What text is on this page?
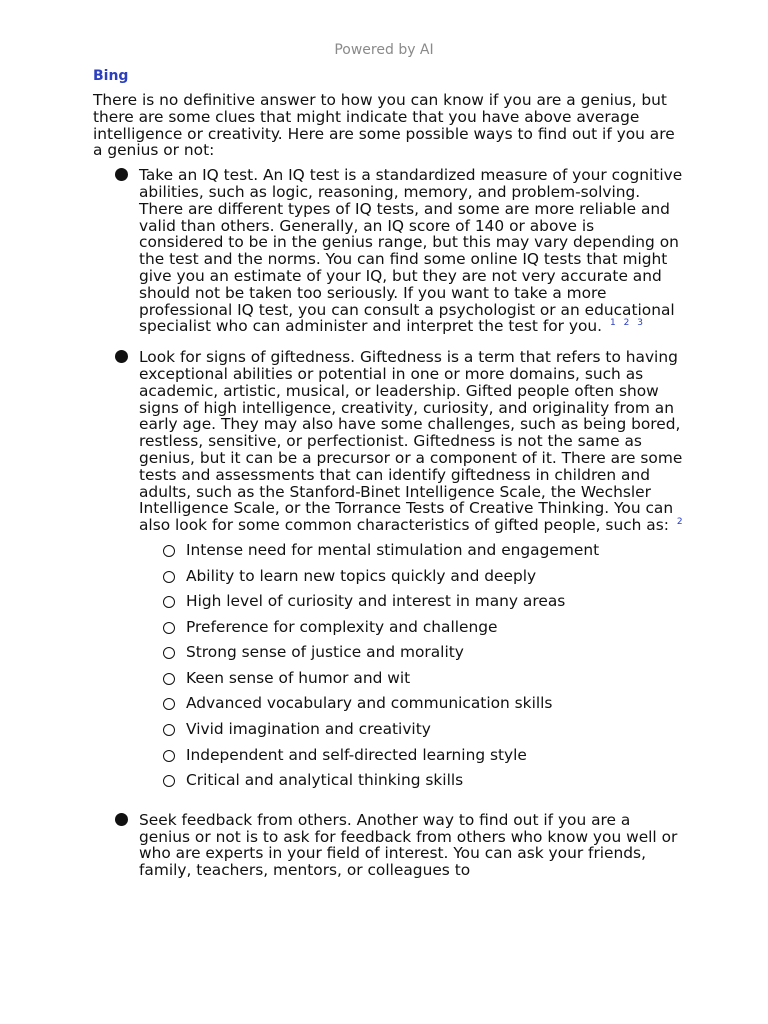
Powered by AI
Bing

There is no definitive answer to how you can know if you are a genius, but there are some clues that might indicate that you have above average intelligence or creativity. Here are some possible ways to find out if you are a genius or not:

Take an IQ test. An IQ test is a standardized measure of your cognitive abilities, such as logic, reasoning, memory, and problem-solving. There are different types of IQ tests, and some are more reliable and valid than others. Generally, an IQ score of 140 or above is considered to be in the genius range, but this may vary depending on the test and the norms. You can find some online IQ tests that might give you an estimate of your IQ, but they are not very accurate and should not be taken too seriously. If you want to take a more professional IQ test, you can consult a psychologist or an educational specialist who can administer and interpret the test for you. $^1$ $^2$ $^3$
Look for signs of giftedness. Giftedness is a term that refers to having exceptional abilities or potential in one or more domains, such as academic, artistic, musical, or leadership. Gifted people often show signs of high intelligence, creativity, curiosity, and originality from an early age. They may also have some challenges, such as being bored, restless, sensitive, or perfectionist. Giftedness is not the same as genius, but it can be a precursor or a component of it. There are some tests and assessments that can identify giftedness in children and adults, such as the Stanford-Binet Intelligence Scale, the Wechsler Intelligence Scale, or the Torrance Tests of Creative Thinking. You can also look for some common characteristics of gifted people, such as: $^2$
Intense need for mental stimulation and engagement
Ability to learn new topics quickly and deeply
High level of curiosity and interest in many areas
Preference for complexity and challenge
Strong sense of justice and morality
Keen sense of humor and wit
Advanced vocabulary and communication skills
Vivid imagination and creativity
Independent and self-directed learning style
Critical and analytical thinking skills
Seek feedback from others. Another way to find out if you are a genius or not is to ask for feedback from others who know you well or who are experts in your field of interest. You can ask your friends, family, teachers, mentors, or colleagues to
